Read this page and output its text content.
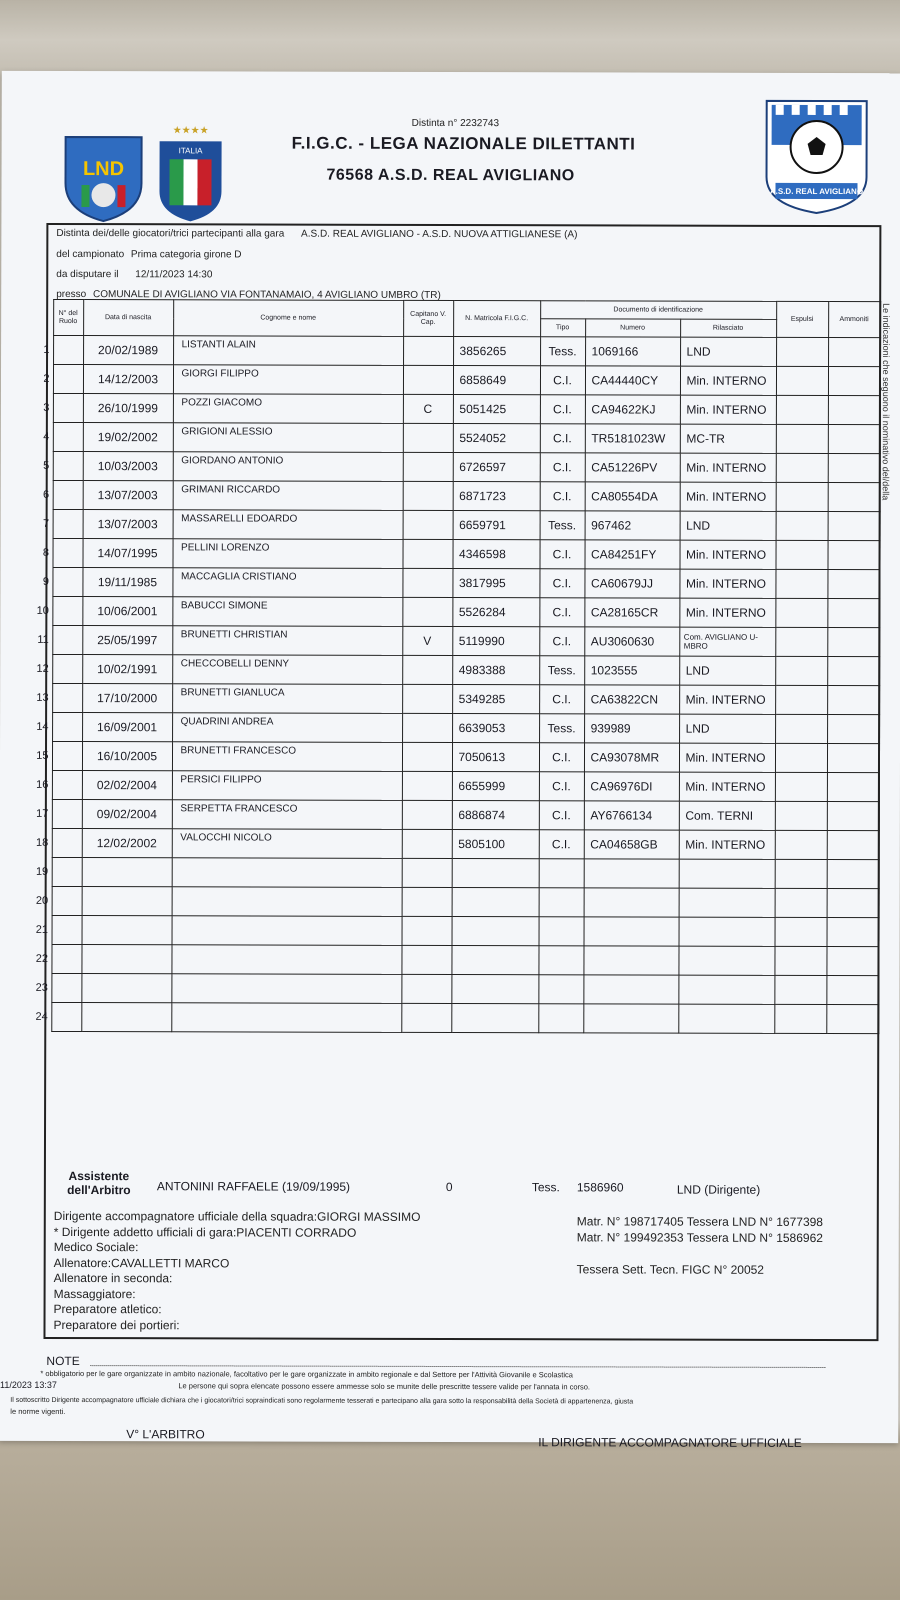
LND
★★★★
ITALIA
A.S.D. REAL AVIGLIANO
Distinta n° 2232743
F.I.G.C. - LEGA NAZIONALE DILETTANTI
76568 A.S.D. REAL AVIGLIANO
Le indicazioni che seguono il nominativo del/della
Distinta dei/delle giocatori/trici partecipanti alla gara A.S.D. REAL AVIGLIANO - A.S.D. NUOVA ATTIGLIANESE (A)
del campionato Prima categoria girone D
da disputare il 12/11/2023 14:30
presso COMUNALE DI AVIGLIANO VIA FONTANAMAIO, 4 AVIGLIANO UMBRO (TR)
	N° del Ruolo	Data di nascita	Cognome e nome	Capitano V. Cap.	N. Matricola F.I.G.C.	Documento di identificazione			Espulsi	Ammoniti
						Tipo	Numero	Rilasciato		
1		20/02/1989	LISTANTI ALAIN		3856265	Tess.	1069166	LND		
2		14/12/2003	GIORGI FILIPPO		6858649	C.I.	CA44440CY	Min. INTERNO		
3		26/10/1999	POZZI GIACOMO	C	5051425	C.I.	CA94622KJ	Min. INTERNO		
4		19/02/2002	GRIGIONI ALESSIO		5524052	C.I.	TR5181023W	MC-TR		
5		10/03/2003	GIORDANO ANTONIO		6726597	C.I.	CA51226PV	Min. INTERNO		
6		13/07/2003	GRIMANI RICCARDO		6871723	C.I.	CA80554DA	Min. INTERNO		
7		13/07/2003	MASSARELLI EDOARDO		6659791	Tess.	967462	LND		
8		14/07/1995	PELLINI LORENZO		4346598	C.I.	CA84251FY	Min. INTERNO		
9		19/11/1985	MACCAGLIA CRISTIANO		3817995	C.I.	CA60679JJ	Min. INTERNO		
10		10/06/2001	BABUCCI SIMONE		5526284	C.I.	CA28165CR	Min. INTERNO		
11		25/05/1997	BRUNETTI CHRISTIAN	V	5119990	C.I.	AU3060630	Com. AVIGLIANO U-MBRO		
12		10/02/1991	CHECCOBELLI DENNY		4983388	Tess.	1023555	LND		
13		17/10/2000	BRUNETTI GIANLUCA		5349285	C.I.	CA63822CN	Min. INTERNO		
14		16/09/2001	QUADRINI ANDREA		6639053	Tess.	939989	LND		
15		16/10/2005	BRUNETTI FRANCESCO		7050613	C.I.	CA93078MR	Min. INTERNO		
16		02/02/2004	PERSICI FILIPPO		6655999	C.I.	CA96976DI	Min. INTERNO		
17		09/02/2004	SERPETTA FRANCESCO		6886874	C.I.	AY6766134	Com. TERNI		
18		12/02/2002	VALOCCHI NICOLO		5805100	C.I.	CA04658GB	Min. INTERNO		
19										
20										
21										
22										
23										
24										
Assistente
dell'Arbitro	ANTONINI RAFFAELE (19/09/1995)	0	Tess. 1586960	LND (Dirigente)
Dirigente accompagnatore ufficiale della squadra:GIORGI MASSIMO
* Dirigente addetto ufficiali di gara:PIACENTI CORRADO
Medico Sociale:
Allenatore:CAVALLETTI MARCO
Allenatore in seconda:
Massaggiatore:
Preparatore atletico:
Preparatore dei portieri:
Matr. N° 198717405 Tessera LND N° 1677398
Matr. N° 199492353 Tessera LND N° 1586962
Tessera Sett. Tecn. FIGC N° 20052
NOTE
* obbligatorio per le gare organizzate in ambito nazionale, facoltativo per le gare organizzate in ambito regionale e dal Settore per l'Attività Giovanile e Scolastica
Le persone qui sopra elencate possono essere ammesse solo se munite delle prescritte tessere valide per l'annata in corso.
Il sottoscritto Dirigente accompagnatore ufficiale dichiara che i giocatori/trici sopraindicati sono regolarmente tesserati e partecipano alla gara sotto la responsabilità della Società di appartenenza, giusta
le norme vigenti.
V° L'ARBITRO
IL DIRIGENTE ACCOMPAGNATORE UFFICIALE
11/2023 13:37
